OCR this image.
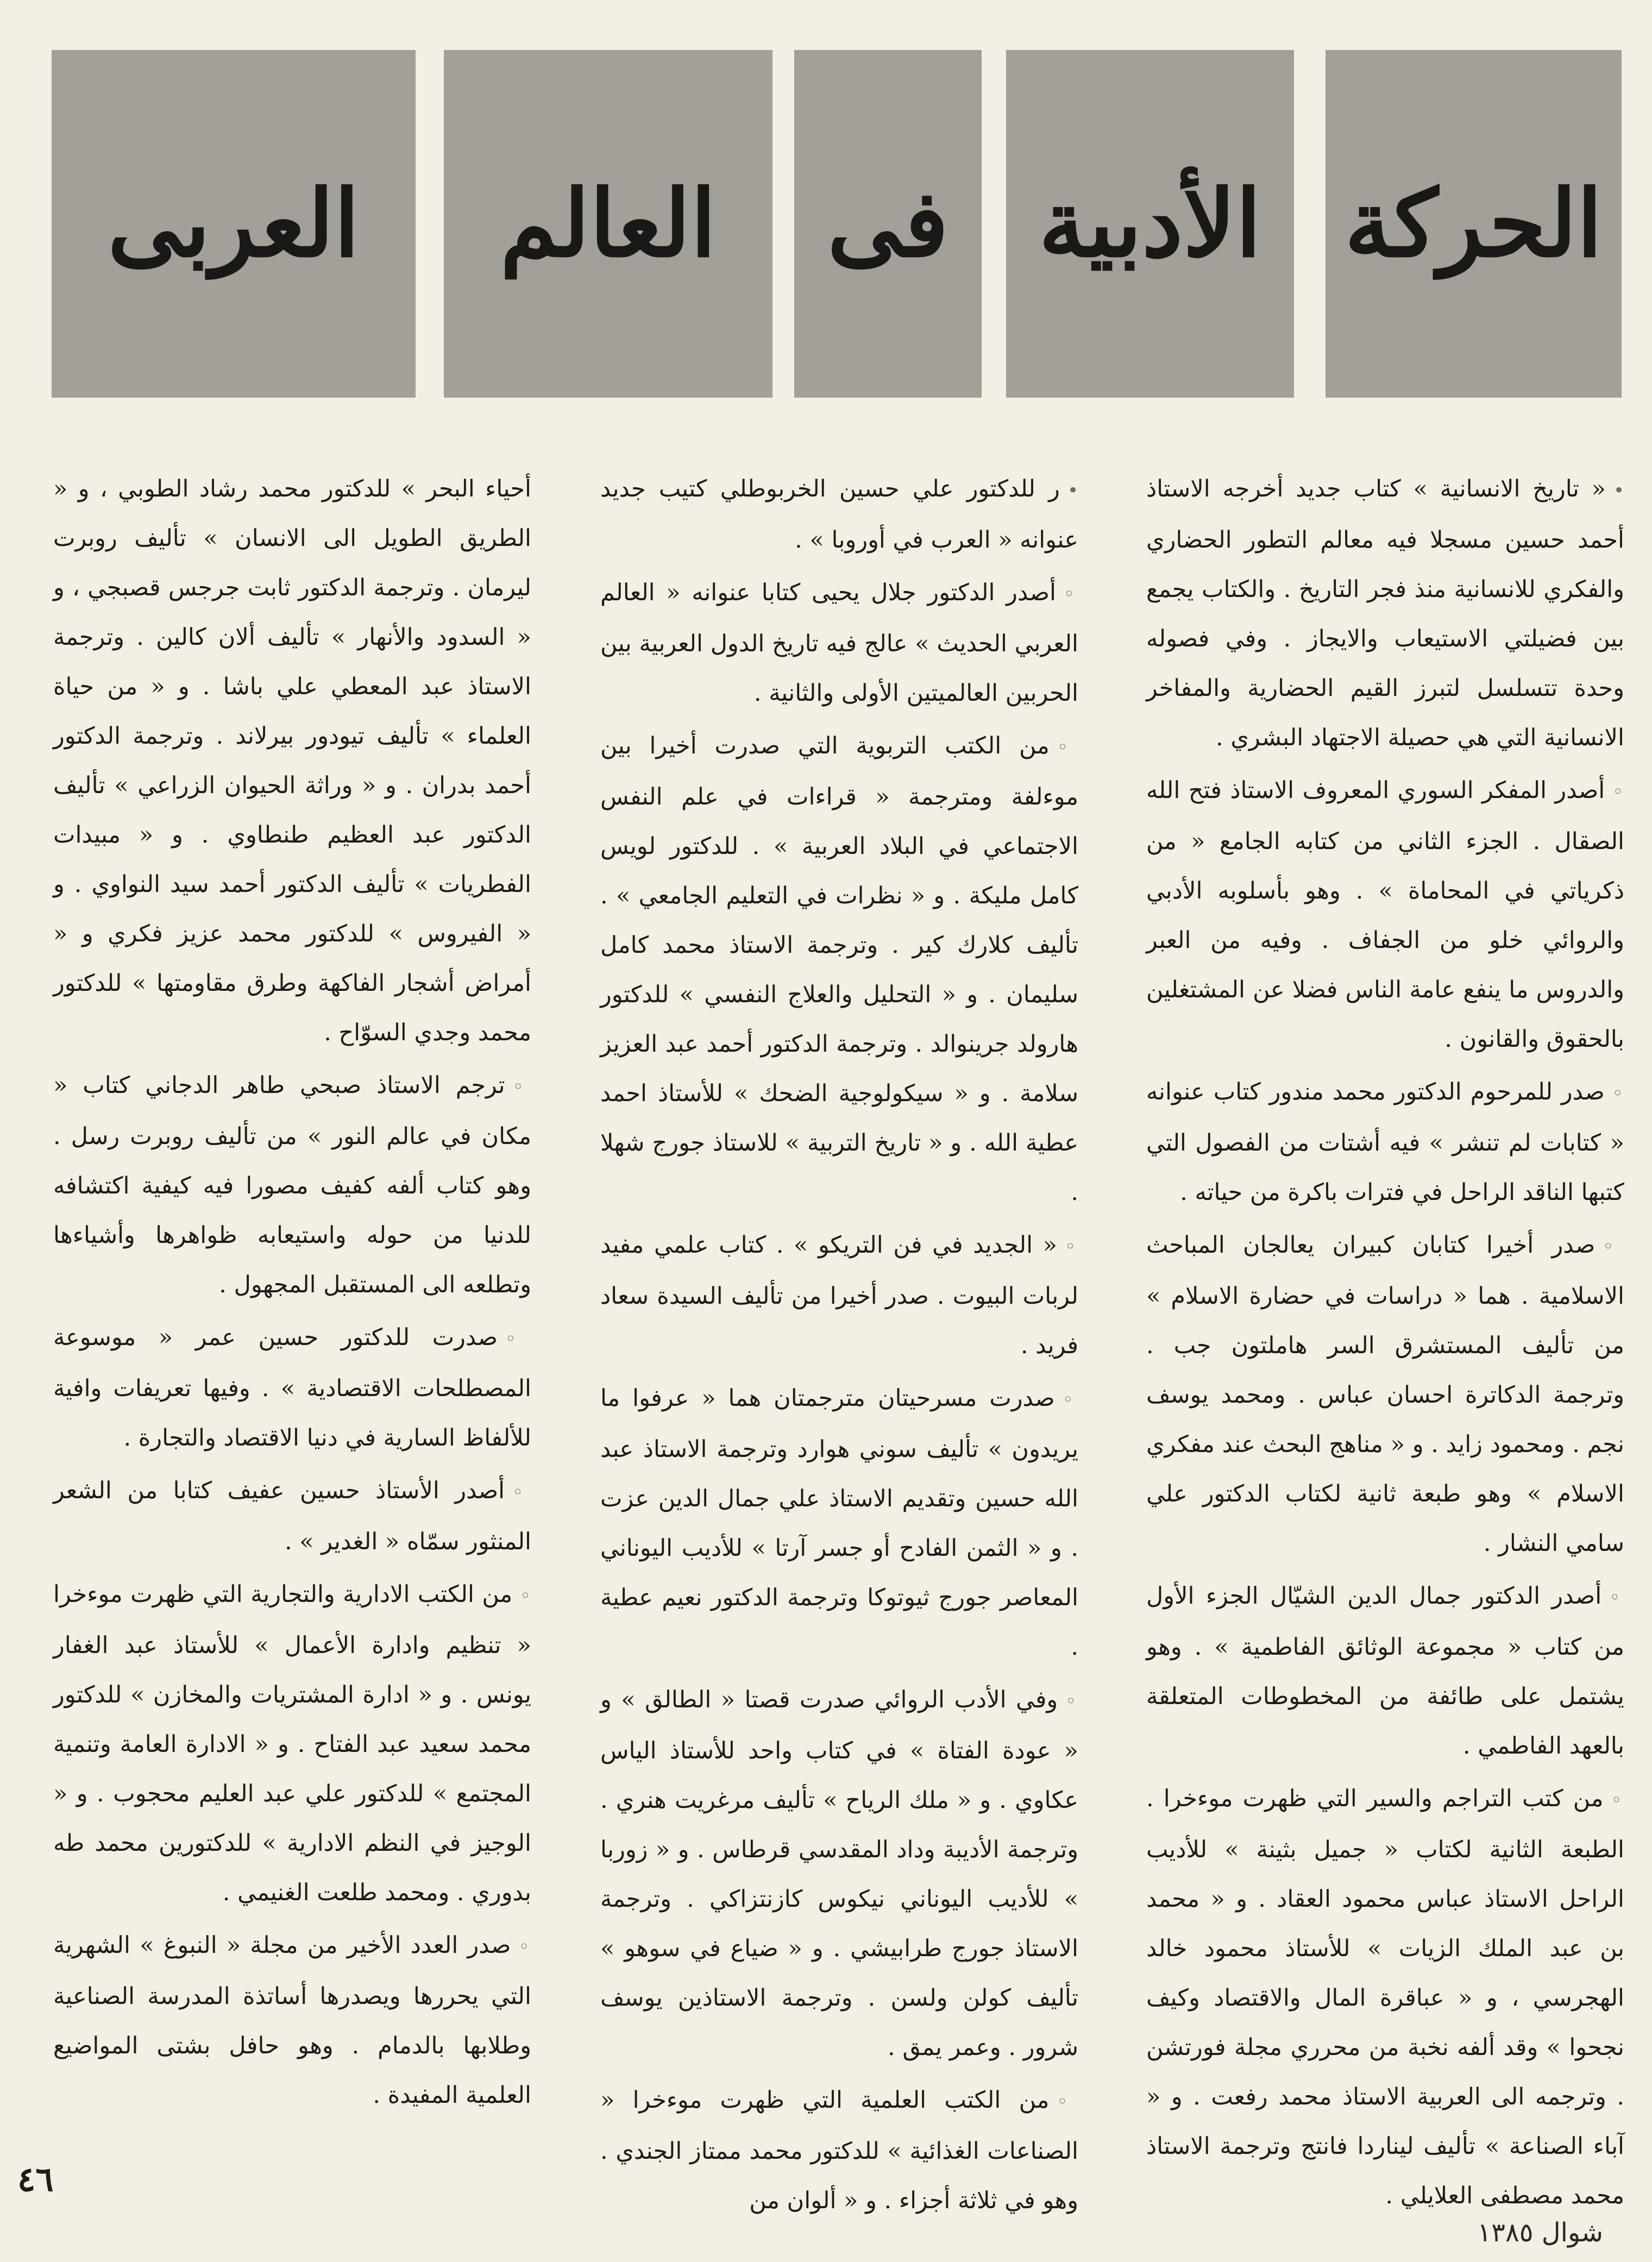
الحركة
الأدبية
فى
العالم
العربى

•« تاريخ الانسانية » كتاب جديد أخرجه الاستاذ أحمد حسين مسجلا فيه معالم التطور الحضاري والفكري للانسانية منذ فجر التاريخ . والكتاب يجمع بين فضيلتي الاستيعاب والايجاز . وفي فصوله وحدة تتسلسل لتبرز القيم الحضارية والمفاخر الانسانية التي هي حصيلة الاجتهاد البشري .

◦أصدر المفكر السوري المعروف الاستاذ فتح الله الصقال . الجزء الثاني من كتابه الجامع « من ذكرياتي في المحاماة » . وهو بأسلوبه الأدبي والروائي خلو من الجفاف . وفيه من العبر والدروس ما ينفع عامة الناس فضلا عن المشتغلين بالحقوق والقانون .

◦صدر للمرحوم الدكتور محمد مندور كتاب عنوانه « كتابات لم تنشر » فيه أشتات من الفصول التي كتبها الناقد الراحل في فترات باكرة من حياته .

◦صدر أخيرا كتابان كبيران يعالجان المباحث الاسلامية . هما « دراسات في حضارة الاسلام » من تأليف المستشرق السر هاملتون جب . وترجمة الدكاترة احسان عباس . ومحمد يوسف نجم . ومحمود زايد . و « مناهج البحث عند مفكري الاسلام » وهو طبعة ثانية لكتاب الدكتور علي سامي النشار .

◦أصدر الدكتور جمال الدين الشيّال الجزء الأول من كتاب « مجموعة الوثائق الفاطمية » . وهو يشتمل على طائفة من المخطوطات المتعلقة بالعهد الفاطمي .

◦من كتب التراجم والسير التي ظهرت موءخرا . الطبعة الثانية لكتاب « جميل بثينة » للأديب الراحل الاستاذ عباس محمود العقاد . و « محمد بن عبد الملك الزيات » للأستاذ محمود خالد الهجرسي ، و « عباقرة المال والاقتصاد وكيف نجحوا » وقد ألفه نخبة من محرري مجلة فورتشن . وترجمه الى العربية الاستاذ محمد رفعت . و « آباء الصناعة » تأليف ليناردا فانتج وترجمة الاستاذ محمد مصطفى العلايلي .

•ر للدكتور علي حسين الخربوطلي كتيب جديد عنوانه « العرب في أوروبا » .

◦أصدر الدكتور جلال يحيى كتابا عنوانه « العالم العربي الحديث » عالج فيه تاريخ الدول العربية بين الحربين العالميتين الأولى والثانية .

◦من الكتب التربوية التي صدرت أخيرا بين موءلفة ومترجمة « قراءات في علم النفس الاجتماعي في البلاد العربية » . للدكتور لويس كامل مليكة . و « نظرات في التعليم الجامعي » . تأليف كلارك كير . وترجمة الاستاذ محمد كامل سليمان . و « التحليل والعلاج النفسي » للدكتور هارولد جرينوالد . وترجمة الدكتور أحمد عبد العزيز سلامة . و « سيكولوجية الضحك » للأستاذ احمد عطية الله . و « تاريخ التربية » للاستاذ جورج شهلا .

◦« الجديد في فن التريكو » . كتاب علمي مفيد لربات البيوت . صدر أخيرا من تأليف السيدة سعاد فريد .

◦صدرت مسرحيتان مترجمتان هما « عرفوا ما يريدون » تأليف سوني هوارد وترجمة الاستاذ عبد الله حسين وتقديم الاستاذ علي جمال الدين عزت . و « الثمن الفادح أو جسر آرتا » للأديب اليوناني المعاصر جورج ثيوتوكا وترجمة الدكتور نعيم عطية .

◦وفي الأدب الروائي صدرت قصتا « الطالق » و « عودة الفتاة » في كتاب واحد للأستاذ الياس عكاوي . و « ملك الرياح » تأليف مرغريت هنري . وترجمة الأديبة وداد المقدسي قرطاس . و « زوربا » للأديب اليوناني نيكوس كازنتزاكي . وترجمة الاستاذ جورج طرابيشي . و « ضياع في سوهو » تأليف كولن ولسن . وترجمة الاستاذين يوسف شرور . وعمر يمق .

◦من الكتب العلمية التي ظهرت موءخرا « الصناعات الغذائية » للدكتور محمد ممتاز الجندي . وهو في ثلاثة أجزاء . و « ألوان من

أحياء البحر » للدكتور محمد رشاد الطوبي ، و « الطريق الطويل الى الانسان » تأليف روبرت ليرمان . وترجمة الدكتور ثابت جرجس قصبجي ، و « السدود والأنهار » تأليف ألان كالين . وترجمة الاستاذ عبد المعطي علي باشا . و « من حياة العلماء » تأليف تيودور بيرلاند . وترجمة الدكتور أحمد بدران . و « وراثة الحيوان الزراعي » تأليف الدكتور عبد العظيم طنطاوي . و « مبيدات الفطريات » تأليف الدكتور أحمد سيد النواوي . و « الفيروس » للدكتور محمد عزيز فكري و « أمراض أشجار الفاكهة وطرق مقاومتها » للدكتور محمد وجدي السوّاح .

◦ترجم الاستاذ صبحي طاهر الدجاني كتاب « مكان في عالم النور » من تأليف روبرت رسل . وهو كتاب ألفه كفيف مصورا فيه كيفية اكتشافه للدنيا من حوله واستيعابه ظواهرها وأشياءها وتطلعه الى المستقبل المجهول .

◦صدرت للدكتور حسين عمر « موسوعة المصطلحات الاقتصادية » . وفيها تعريفات وافية للألفاظ السارية في دنيا الاقتصاد والتجارة .

◦أصدر الأستاذ حسين عفيف كتابا من الشعر المنثور سمّاه « الغدير » .

◦من الكتب الادارية والتجارية التي ظهرت موءخرا « تنظيم وادارة الأعمال » للأستاذ عبد الغفار يونس . و « ادارة المشتريات والمخازن » للدكتور محمد سعيد عبد الفتاح . و « الادارة العامة وتنمية المجتمع » للدكتور علي عبد العليم محجوب . و « الوجيز في النظم الادارية » للدكتورين محمد طه بدوري . ومحمد طلعت الغنيمي .

◦صدر العدد الأخير من مجلة « النبوغ » الشهرية التي يحررها ويصدرها أساتذة المدرسة الصناعية وطلابها بالدمام . وهو حافل بشتى المواضيع العلمية المفيدة .

٤٦
شوال ١٣٨٥
